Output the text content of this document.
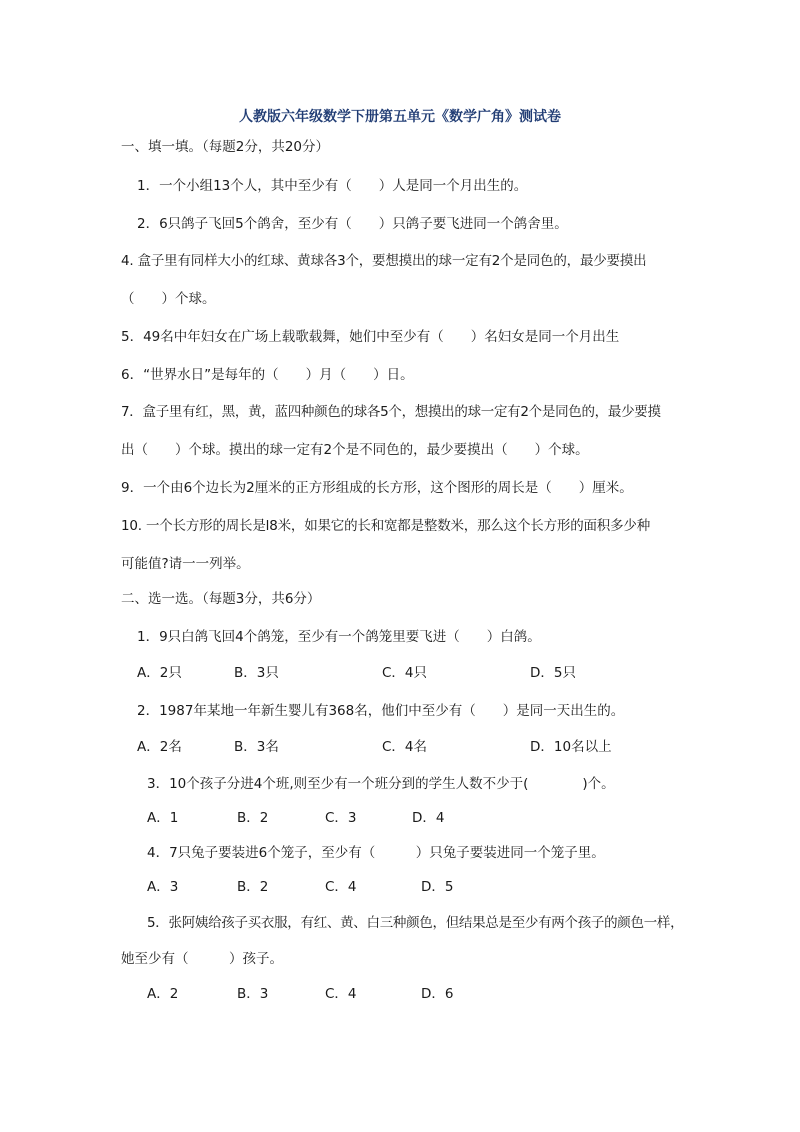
人教版六年级数学下册第五单元《数学广角》测试卷
一、填一填。（每题2分，共20分）
1．一个小组13个人，其中至少有（　　）人是同一个月出生的。
2．6只鸽子飞回5个鸽舍，至少有（　　）只鸽子要飞进同一个鸽舍里。
4. 盒子里有同样大小的红球、黄球各3个，要想摸出的球一定有2个是同色的，最少要摸出
（　　）个球。
5．49名中年妇女在广场上载歌载舞，她们中至少有（　　）名妇女是同一个月出生
6．“世界水日”是每年的（　　）月（　　）日。
7．盒子里有红，黑，黄，蓝四种颜色的球各5个，想摸出的球一定有2个是同色的，最少要摸
出（　　）个球。摸出的球一定有2个是不同色的，最少要摸出（　　）个球。
9．一个由6个边长为2厘米的正方形组成的长方形，这个图形的周长是（　　）厘米。
10. 一个长方形的周长是l8米，如果它的长和宽都是整数米，那么这个长方形的面积多少种
可能值?请一一列举。
二、选一选。（每题3分，共6分）
1．9只白鸽飞回4个鸽笼，至少有一个鸽笼里要飞进（　　）白鸽。
A．2只	B．3只	C．4只	D．5只
2．1987年某地一年新生婴儿有368名，他们中至少有（　　）是同一天出生的。
A．2名	B．3名	C．4名	D．10名以上
3．10个孩子分进4个班,则至少有一个班分到的学生人数不少于(　　　　)个。
A．1	B．2	C．3	D．4
4．7只兔子要装进6个笼子，至少有（　　　）只兔子要装进同一个笼子里。
A．3	B．2	C．4	D．5
5．张阿姨给孩子买衣服，有红、黄、白三种颜色，但结果总是至少有两个孩子的颜色一样，
她至少有（　　　）孩子。
A．2	B．3	C．4	D．6
